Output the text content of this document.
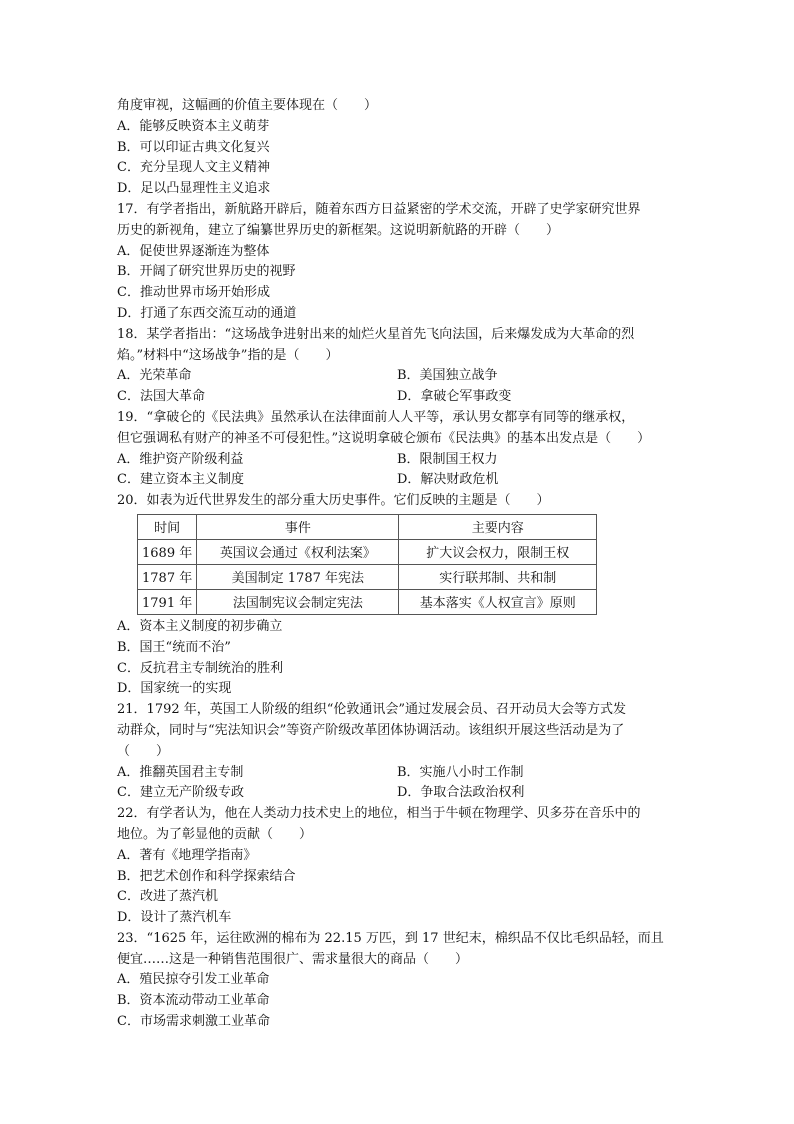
角度审视，这幅画的价值主要体现在（　　）
A．能够反映资本主义萌芽
B．可以印证古典文化复兴
C．充分呈现人文主义精神
D．足以凸显理性主义追求
17．有学者指出，新航路开辟后，随着东西方日益紧密的学术交流，开辟了史学家研究世界
历史的新视角，建立了编纂世界历史的新框架。这说明新航路的开辟（　　）
A．促使世界逐渐连为整体
B．开阔了研究世界历史的视野
C．推动世界市场开始形成
D．打通了东西交流互动的通道
18．某学者指出：“这场战争进射出来的灿烂火星首先飞向法国，后来爆发成为大革命的烈
焰。”材料中“这场战争”指的是（　　）
A．光荣革命	B．美国独立战争
C．法国大革命	D．拿破仑军事政变
19．“拿破仑的《民法典》虽然承认在法律面前人人平等，承认男女都享有同等的继承权，
但它强调私有财产的神圣不可侵犯性。”这说明拿破仑颁布《民法典》的基本出发点是（　　）
A．维护资产阶级利益	B．限制国王权力
C．建立资本主义制度	D．解决财政危机
20．如表为近代世界发生的部分重大历史事件。它们反映的主题是（　　）
时间	事件	主要内容
1689 年	英国议会通过《权利法案》	扩大议会权力，限制王权
1787 年	美国制定 1787 年宪法	实行联邦制、共和制
1791 年	法国制宪议会制定宪法	基本落实《人权宣言》原则
A．资本主义制度的初步确立
B．国王“统而不治”
C．反抗君主专制统治的胜利
D．国家统一的实现
21．1792 年，英国工人阶级的组织“伦敦通讯会”通过发展会员、召开动员大会等方式发
动群众，同时与“宪法知识会”等资产阶级改革团体协调活动。该组织开展这些活动是为了
（　　）
A．推翻英国君主专制	B．实施八小时工作制
C．建立无产阶级专政	D．争取合法政治权利
22．有学者认为，他在人类动力技术史上的地位，相当于牛顿在物理学、贝多芬在音乐中的
地位。为了彰显他的贡献（　　）
A．著有《地理学指南》
B．把艺术创作和科学探索结合
C．改进了蒸汽机
D．设计了蒸汽机车
23．“1625 年，运往欧洲的棉布为 22.15 万匹，到 17 世纪末，棉织品不仅比毛织品轻，而且
便宜……这是一种销售范围很广、需求量很大的商品（　　）
A．殖民掠夺引发工业革命
B．资本流动带动工业革命
C．市场需求刺激工业革命
